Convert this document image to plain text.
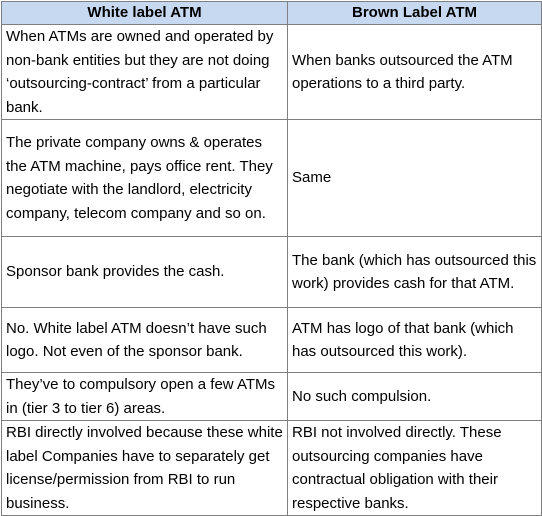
White label ATM	Brown Label ATM
When ATMs are owned and operated by non-bank entities but they are not doing ‘outsourcing-contract’ from a particular bank.	When banks outsourced the ATM operations to a third party.
The private company owns & operates the ATM machine, pays office rent. They negotiate with the landlord, electricity company, telecom company and so on.	Same
Sponsor bank provides the cash.	The bank (which has outsourced this work) provides cash for that ATM.
No. White label ATM doesn’t have such logo. Not even of the sponsor bank.	ATM has logo of that bank (which has outsourced this work).
They’ve to compulsory open a few ATMs in (tier 3 to tier 6) areas.	No such compulsion.
RBI directly involved because these white label Companies have to separately get license/permission from RBI to run business.	RBI not involved directly. These outsourcing companies have contractual obligation with their respective banks.
